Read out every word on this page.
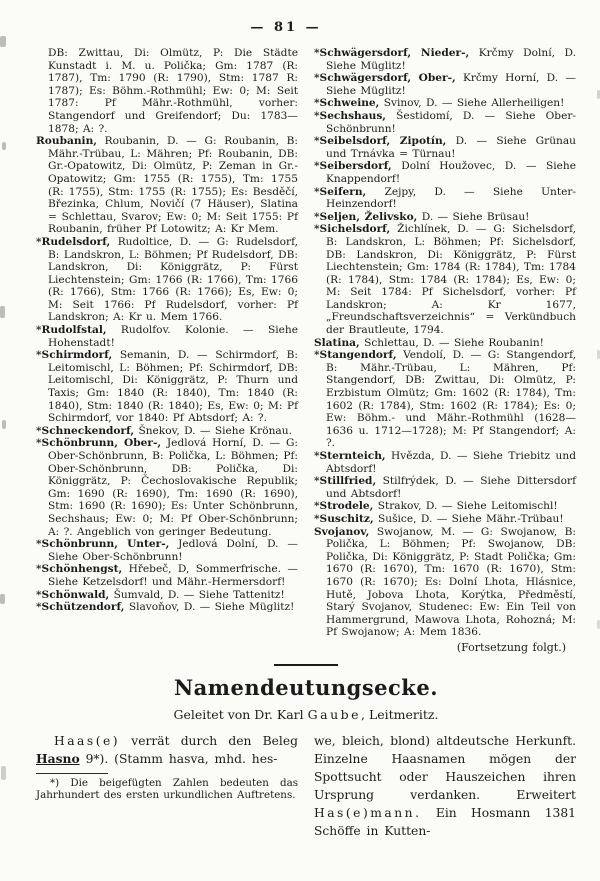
— 81 —

DB: Zwittau, Di: Olmütz, P: Die Städte Kunstadt i. M. u. Polička; Gm: 1787 (R: 1787), Tm: 1790 (R: 1790), Stm: 1787 R: 1787); Es: Böhm.-Rothmühl; Ew: 0; M: Seit 1787: Pf Mähr.-Rothmühl, vorher: Stangendorf und Greifendorf; Du: 1783—1878; A: ?.

Roubanin, Roubanin, D. — G: Roubanin, B: Mähr.-Trübau, L: Mähren; Pf: Roubanin, DB: Gr.-Opatowitz, Di: Olmütz, P: Zeman in Gr.-Opatowitz; Gm: 1755 (R: 1755), Tm: 1755 (R: 1755), Stm: 1755 (R: 1755); Es: Besděčí, Březinka, Chlum, Novičí (7 Häuser), Slatina = Schlettau, Svarov; Ew: 0; M: Seit 1755: Pf Roubanin, früher Pf Lotowitz; A: Kr Mem.

*Rudelsdorf, Rudoltice, D. — G: Rudelsdorf, B: Landskron, L: Böhmen; Pf Rudelsdorf, DB: Landskron, Di: Königgrätz, P: Fürst Liechtenstein; Gm: 1766 (R: 1766), Tm: 1766 (R: 1766), Stm: 1766 (R: 1766); Es, Ew: 0; M: Seit 1766: Pf Rudelsdorf, vorher: Pf Landskron; A: Kr u. Mem 1766.

*Rudolfstal, Rudolfov. Kolonie. — Siehe Hohenstadt!

*Schirmdorf, Semanin, D. — Schirmdorf, B: Leitomischl, L: Böhmen; Pf: Schirmdorf, DB: Leitomischl, Di: Königgrätz, P: Thurn und Taxis; Gm: 1840 (R: 1840), Tm: 1840 (R: 1840), Stm: 1840 (R: 1840); Es, Ew: 0; M: Pf Schirmdorf, vor 1840: Pf Abtsdorf; A: ?.

*Schneckendorf, Šnekov, D. — Siehe Krönau.

*Schönbrunn, Ober-, Jedlová Horní, D. — G: Ober-Schönbrunn, B: Polička, L: Böhmen; Pf: Ober-Schönbrunn, DB: Polička, Di: Königgrätz, P: Čechoslovakische Republik; Gm: 1690 (R: 1690), Tm: 1690 (R: 1690), Stm: 1690 (R: 1690); Es: Unter Schönbrunn, Sechshaus; Ew: 0; M: Pf Ober-Schönbrunn; A: ?. Angeblich von geringer Bedeutung.

*Schönbrunn, Unter-, Jedlová Dolní, D. — Siehe Ober-Schönbrunn!

*Schönhengst, Hřebeč, D, Sommerfrische. — Siehe Ketzelsdorf! und Mähr.-Hermersdorf!

*Schönwald, Šumvald, D. — Siehe Tattenitz!

*Schützendorf, Slavoňov, D. — Siehe Müglitz!

*Schwägersdorf, Nieder-, Krčmy Dolní, D. Siehe Müglitz!

*Schwägersdorf, Ober-, Krčmy Horní, D. — Siehe Müglitz!

*Schweine, Svinov, D. — Siehe Allerheiligen!

*Sechshaus, Šestidomí, D. — Siehe Ober-Schönbrunn!

*Seibelsdorf, Zipotín, D. — Siehe Grünau und Trnávka = Türnau!

*Seibersdorf, Dolní Houžovec, D. — Siehe Knappendorf!

*Seifern, Zejpy, D. — Siehe Unter-Heinzendorf!

*Seljen, Želivsko, D. — Siehe Brüsau!

*Sichelsdorf, Žichlínek, D. — G: Sichelsdorf, B: Landskron, L: Böhmen; Pf: Sichelsdorf, DB: Landskron, Di: Königgrätz, P: Fürst Liechtenstein; Gm: 1784 (R: 1784), Tm: 1784 (R: 1784), Stm: 1784 (R: 1784); Es, Ew: 0; M: Seit 1784: Pf Sichelsdorf, vorher: Pf Landskron; A: Kr 1677, „Freundschaftsverzeichnis“ = Verkündbuch der Brautleute, 1794.

Slatina, Schlettau, D. — Siehe Roubanin!

*Stangendorf, Vendolí, D. — G: Stangendorf, B: Mähr.-Trübau, L: Mähren, Pf: Stangendorf, DB: Zwittau, Di: Olmütz, P: Erzbistum Olmütz; Gm: 1602 (R: 1784), Tm: 1602 (R: 1784), Stm: 1602 (R: 1784); Es: 0; Ew: Böhm.- und Mähr.-Rothmühl (1628—1636 u. 1712—1728); M: Pf Stangendorf; A: ?.

*Sternteich, Hvězda, D. — Siehe Triebitz und Abtsdorf!

*Stillfried, Stilfrýdek, D. — Siehe Dittersdorf und Abtsdorf!

*Strodele, Strakov, D. — Siehe Leitomischl!

*Suschitz, Sušice, D. — Siehe Mähr.-Trübau!

Svojanov, Swojanow, M. — G: Swojanow, B: Polička, L: Böhmen; Pf: Swojanow, DB: Polička, Di: Königgrätz, P: Stadt Polička; Gm: 1670 (R: 1670), Tm: 1670 (R: 1670), Stm: 1670 (R: 1670); Es: Dolní Lhota, Hlásnice, Hutě, Jobova Lhota, Korýtka, Předměstí, Starý Svojanov, Studenec: Ew: Ein Teil von Hammergrund, Mawova Lhota, Rohozná; M: Pf Swojanow; A: Mem 1836.

(Fortsetzung folgt.)

Namendeutungsecke.
Geleitet von Dr. Karl Gaube, Leitmeritz.

Haas(e) verrät durch den Beleg Hasno 9*). (Stamm hasva, mhd. hes-

*) Die beigefügten Zahlen bedeuten das Jahrhundert des ersten urkundlichen Auftretens.

we, bleich, blond) altdeutsche Herkunft. Einzelne Haasnamen mögen der Spottsucht oder Hauszeichen ihren Ursprung verdanken. Erweitert Has(e)mann. Ein Hosmann 1381 Schöffe in Kutten-
